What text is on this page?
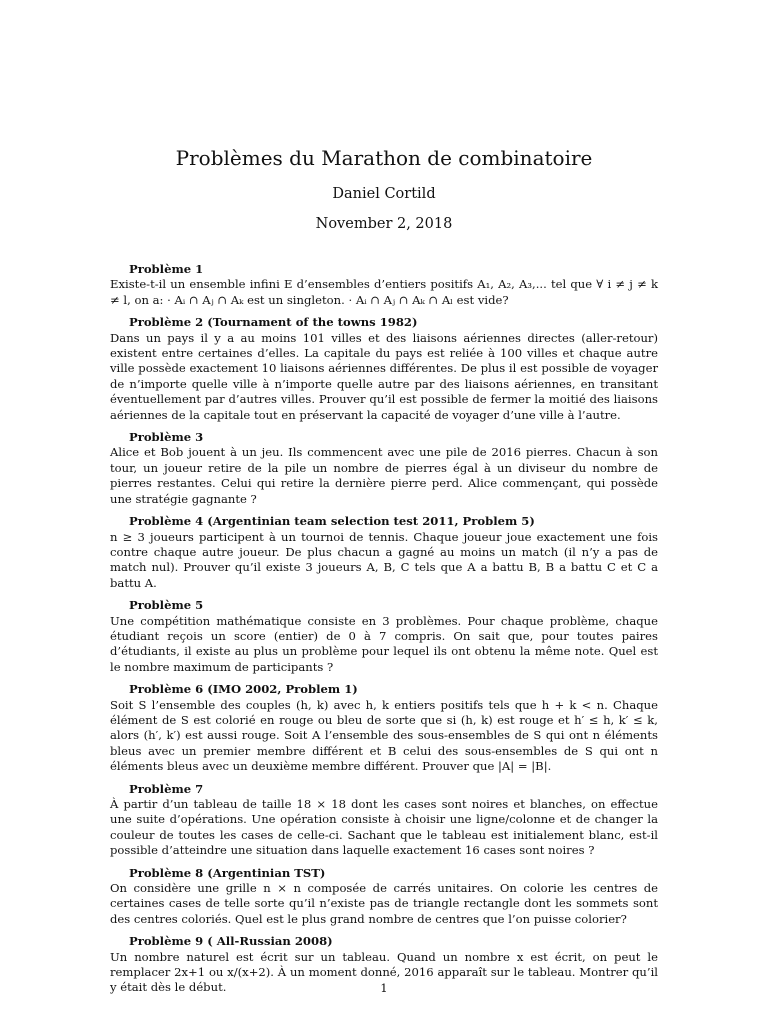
Problèmes du Marathon de combinatoire
Daniel Cortild
November 2, 2018
Problème 1
Existe-t-il un ensemble infini E d’ensembles d’entiers positifs A₁, A₂, A₃,... tel que ∀ i ≠ j ≠ k ≠ l, on a: · Aᵢ ∩ Aⱼ ∩ Aₖ est un singleton. · Aᵢ ∩ Aⱼ ∩ Aₖ ∩ Aₗ est vide?
Problème 2 (Tournament of the towns 1982)
Dans un pays il y a au moins 101 villes et des liaisons aériennes directes (aller-retour) existent entre certaines d’elles. La capitale du pays est reliée à 100 villes et chaque autre ville possède exactement 10 liaisons aériennes différentes. De plus il est possible de voyager de n’importe quelle ville à n’importe quelle autre par des liaisons aériennes, en transitant éventuellement par d’autres villes. Prouver qu’il est possible de fermer la moitié des liaisons aériennes de la capitale tout en préservant la capacité de voyager d’une ville à l’autre.
Problème 3
Alice et Bob jouent à un jeu. Ils commencent avec une pile de 2016 pierres. Chacun à son tour, un joueur retire de la pile un nombre de pierres égal à un diviseur du nombre de pierres restantes. Celui qui retire la dernière pierre perd. Alice commençant, qui possède une stratégie gagnante ?
Problème 4 (Argentinian team selection test 2011, Problem 5)
n ≥ 3 joueurs participent à un tournoi de tennis. Chaque joueur joue exactement une fois contre chaque autre joueur. De plus chacun a gagné au moins un match (il n’y a pas de match nul). Prouver qu’il existe 3 joueurs A, B, C tels que A a battu B, B a battu C et C a battu A.
Problème 5
Une compétition mathématique consiste en 3 problèmes. Pour chaque problème, chaque étudiant reçois un score (entier) de 0 à 7 compris. On sait que, pour toutes paires d’étudiants, il existe au plus un problème pour lequel ils ont obtenu la même note. Quel est le nombre maximum de participants ?
Problème 6 (IMO 2002, Problem 1)
Soit S l’ensemble des couples (h, k) avec h, k entiers positifs tels que h + k < n. Chaque élément de S est colorié en rouge ou bleu de sorte que si (h, k) est rouge et h′ ≤ h, k′ ≤ k, alors (h′, k′) est aussi rouge. Soit A l’ensemble des sous-ensembles de S qui ont n éléments bleus avec un premier membre différent et B celui des sous-ensembles de S qui ont n éléments bleus avec un deuxième membre différent. Prouver que |A| = |B|.
Problème 7
À partir d’un tableau de taille 18 × 18 dont les cases sont noires et blanches, on effectue une suite d’opérations. Une opération consiste à choisir une ligne/colonne et de changer la couleur de toutes les cases de celle-ci. Sachant que le tableau est initialement blanc, est-il possible d’atteindre une situation dans laquelle exactement 16 cases sont noires ?
Problème 8 (Argentinian TST)
On considère une grille n × n composée de carrés unitaires. On colorie les centres de certaines cases de telle sorte qu’il n’existe pas de triangle rectangle dont les sommets sont des centres coloriés. Quel est le plus grand nombre de centres que l’on puisse colorier?
Problème 9 ( All-Russian 2008)
Un nombre naturel est écrit sur un tableau. Quand un nombre x est écrit, on peut le remplacer 2x+1 ou x/(x+2). À un moment donné, 2016 apparaît sur le tableau. Montrer qu’il y était dès le début.	1
